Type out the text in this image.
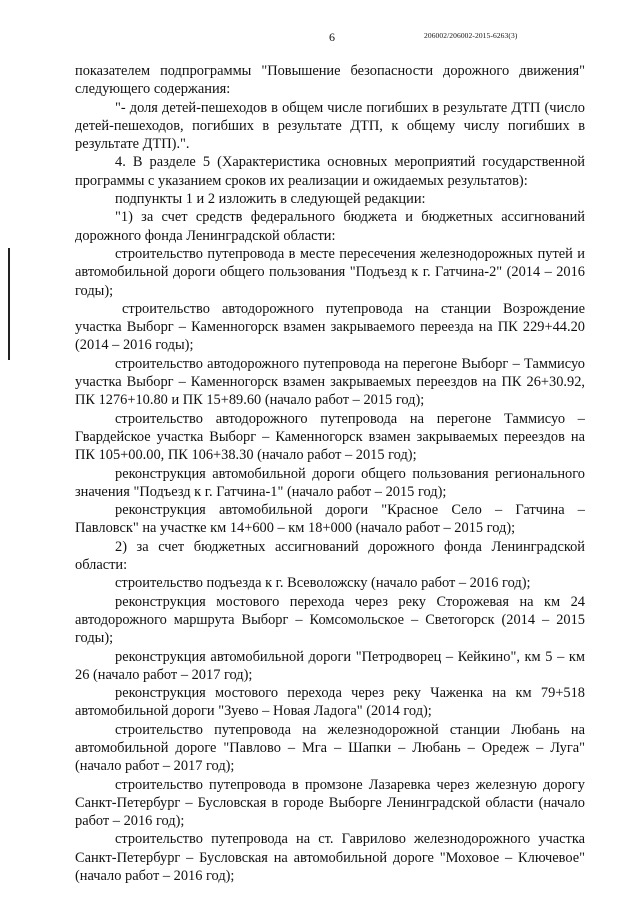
6	206002/206002-2015-6263(3)

показателем подпрограммы "Повышение безопасности дорожного движения" следующего содержания:

"- доля детей-пешеходов в общем числе погибших в результате ДТП (число детей-пешеходов, погибших в результате ДТП, к общему числу погибших в результате ДТП).".

4. В разделе 5 (Характеристика основных мероприятий государственной программы с указанием сроков их реализации и ожидаемых результатов):

подпункты 1 и 2 изложить в следующей редакции:

"1) за счет средств федерального бюджета и бюджетных ассигнований дорожного фонда Ленинградской области:

строительство путепровода в месте пересечения железнодорожных путей и автомобильной дороги общего пользования "Подъезд к г. Гатчина-2" (2014 – 2016 годы);

строительство автодорожного путепровода на станции Возрождение участка Выборг – Каменногорск взамен закрываемого переезда на ПК 229+44.20 (2014 – 2016 годы);

строительство автодорожного путепровода на перегоне Выборг – Таммисуо участка Выборг – Каменногорск взамен закрываемых переездов на ПК 26+30.92, ПК 1276+10.80 и ПК 15+89.60 (начало работ – 2015 год);

строительство автодорожного путепровода на перегоне Таммисуо – Гвардейское участка Выборг – Каменногорск взамен закрываемых переездов на ПК 105+00.00, ПК 106+38.30 (начало работ – 2015 год);

реконструкция автомобильной дороги общего пользования регионального значения "Подъезд к г. Гатчина-1" (начало работ – 2015 год);

реконструкция автомобильной дороги "Красное Село – Гатчина – Павловск" на участке км 14+600 – км 18+000 (начало работ – 2015 год);

2) за счет бюджетных ассигнований дорожного фонда Ленинградской области:

строительство подъезда к г. Всеволожску (начало работ – 2016 год);

реконструкция мостового перехода через реку Сторожевая на км 24 автодорожного маршрута Выборг – Комсомольское – Светогорск (2014 – 2015 годы);

реконструкция автомобильной дороги "Петродворец – Кейкино", км 5 – км 26 (начало работ – 2017 год);

реконструкция мостового перехода через реку Чаженка на км 79+518 автомобильной дороги "Зуево – Новая Ладога" (2014 год);

строительство путепровода на железнодорожной станции Любань на автомобильной дороге "Павлово – Мга – Шапки – Любань – Оредеж – Луга" (начало работ – 2017 год);

строительство путепровода в промзоне Лазаревка через железную дорогу Санкт-Петербург – Бусловская в городе Выборге Ленинградской области (начало работ – 2016 год);

строительство путепровода на ст. Гаврилово железнодорожного участка Санкт-Петербург – Бусловская на автомобильной дороге "Моховое – Ключевое" (начало работ – 2016 год);
